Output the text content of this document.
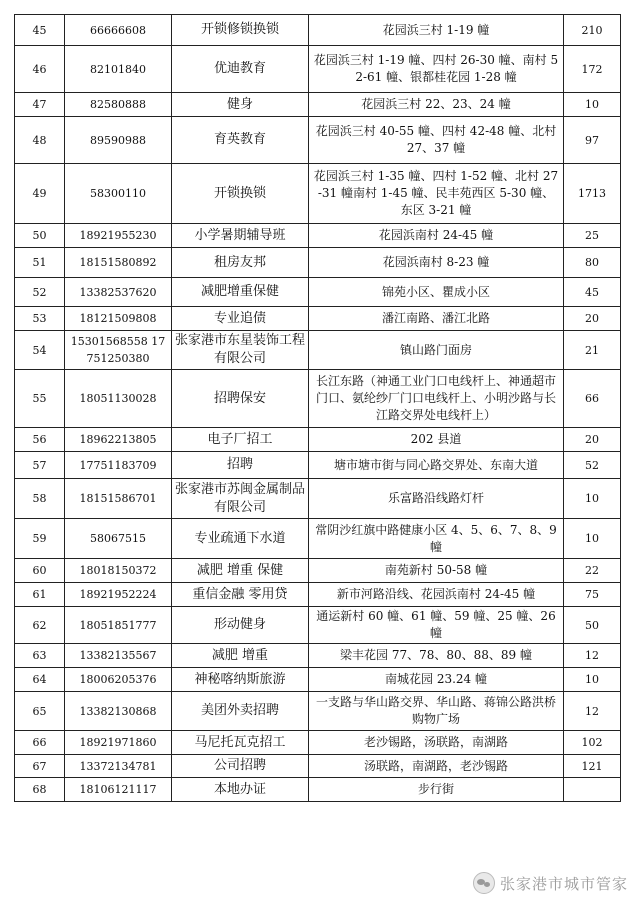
45	66666608	开锁修锁换锁	花园浜三村 1-19 幢	210
46	82101840	优迪教育	花园浜三村 1-19 幢、四村 26-30 幢、南村 52-61 幢、银都桂花园 1-28 幢	172
47	82580888	健身	花园浜三村 22、23、24 幢	10
48	89590988	育英教育	花园浜三村 40-55 幢、四村 42-48 幢、北村 27、37 幢	97
49	58300110	开锁换锁	花园浜三村 1-35 幢、四村 1-52 幢、北村 27-31 幢南村 1-45 幢、民丰苑西区 5-30 幢、东区 3-21 幢	1713
50	18921955230	小学暑期辅导班	花园浜南村 24-45 幢	25
51	18151580892	租房友邦	花园浜南村 8-23 幢	80
52	13382537620	减肥增重保健	锦苑小区、瞿成小区	45
53	18121509808	专业追债	潘江南路、潘江北路	20
54	15301568558 17751250380	张家港市东星装饰工程有限公司	镇山路门面房	21
55	18051130028	招聘保安	长江东路（神通工业门口电线杆上、神通超市门口、氨纶纱厂门口电线杆上、小明沙路与长江路交界处电线杆上）	66
56	18962213805	电子厂招工	202 县道	20
57	17751183709	招聘	塘市塘市街与同心路交界处、东南大道	52
58	18151586701	张家港市苏闽金属制品有限公司	乐富路沿线路灯杆	10
59	58067515	专业疏通下水道	常阴沙红旗中路健康小区 4、5、6、7、8、9 幢	10
60	18018150372	减肥 增重 保健	南苑新村 50-58 幢	22
61	18921952224	重信金融 零用贷	新市河路沿线、花园浜南村 24-45 幢	75
62	18051851777	形动健身	通运新村 60 幢、61 幢、59 幢、25 幢、26 幢	50
63	13382135567	减肥 增重	梁丰花园 77、78、80、88、89 幢	12
64	18006205376	神秘喀纳斯旅游	南城花园 23.24 幢	10
65	13382130868	美团外卖招聘	一支路与华山路交界、华山路、蒋锦公路洪桥购物广场	12
66	18921971860	马尼托瓦克招工	老沙锡路，汤联路，南湖路	102
67	13372134781	公司招聘	汤联路，南湖路，老沙锡路	121
68	18106121117	本地办证	步行街	
张家港市城市管家
